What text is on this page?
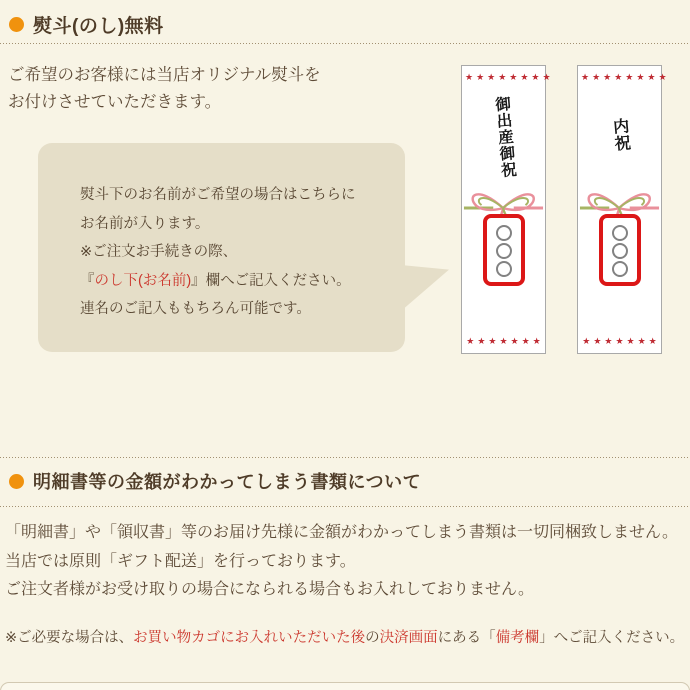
熨斗(のし)無料
ご希望のお客様には当店オリジナル熨斗を
お付けさせていただきます。
熨斗下のお名前がご希望の場合はこちらに
お名前が入ります。
※ご注文お手続きの際、
『のし下(お名前)』欄へご記入ください。
連名のご記入ももちろん可能です。
★★★★★★★★
御出産御祝
★★★★★★★
★★★★★★★★
内祝
★★★★★★★
明細書等の金額がわかってしまう書類について
「明細書」や「領収書」等のお届け先様に金額がわかってしまう書類は一切同梱致しません。
当店では原則「ギフト配送」を行っております。
ご注文者様がお受け取りの場合になられる場合もお入れしておりません。
※ご必要な場合は、お買い物カゴにお入れいただいた後の決済画面にある「備考欄」へご記入ください。
